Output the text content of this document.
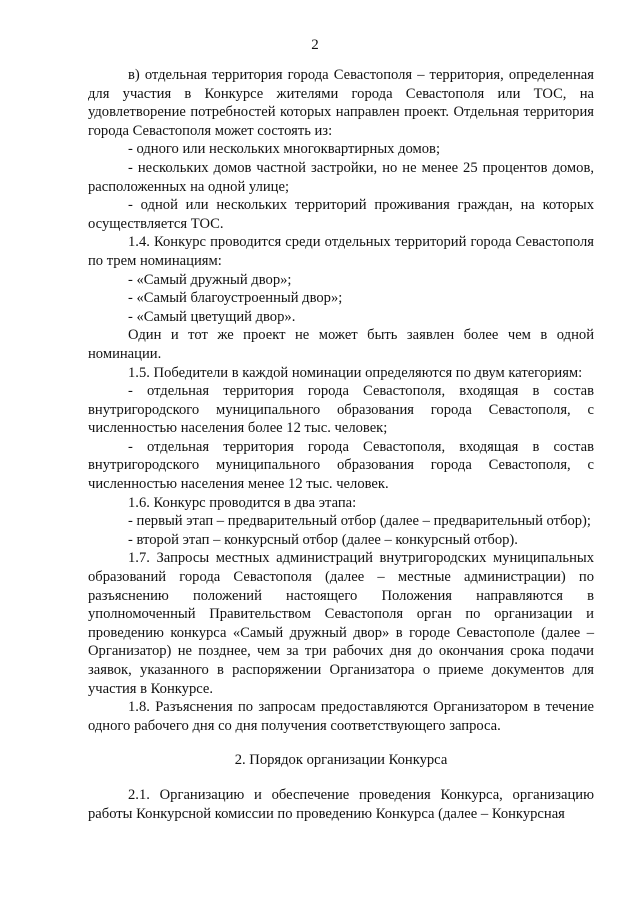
2

в) отдельная территория города Севастополя – территория, определенная для участия в Конкурсе жителями города Севастополя или ТОС, на удовлетворение потребностей которых направлен проект. Отдельная территория города Севастополя может состоять из:

- одного или нескольких многоквартирных домов;

- нескольких домов частной застройки, но не менее 25 процентов домов, расположенных на одной улице;

- одной или нескольких территорий проживания граждан, на которых осуществляется ТОС.

1.4. Конкурс проводится среди отдельных территорий города Севастополя по трем номинациям:

- «Самый дружный двор»;

- «Самый благоустроенный двор»;

- «Самый цветущий двор».

Один и тот же проект не может быть заявлен более чем в одной номинации.

1.5. Победители в каждой номинации определяются по двум категориям:

- отдельная территория города Севастополя, входящая в состав внутригородского муниципального образования города Севастополя, с численностью населения более 12 тыс. человек;

- отдельная территория города Севастополя, входящая в состав внутригородского муниципального образования города Севастополя, с численностью населения менее 12 тыс. человек.

1.6. Конкурс проводится в два этапа:

- первый этап – предварительный отбор (далее – предварительный отбор);

- второй этап – конкурсный отбор (далее – конкурсный отбор).

1.7. Запросы местных администраций внутригородских муниципальных образований города Севастополя (далее – местные администрации) по разъяснению положений настоящего Положения направляются в уполномоченный Правительством Севастополя орган по организации и проведению конкурса «Самый дружный двор» в городе Севастополе (далее – Организатор) не позднее, чем за три рабочих дня до окончания срока подачи заявок, указанного в распоряжении Организатора о приеме документов для участия в Конкурсе.

1.8. Разъяснения по запросам предоставляются Организатором в течение одного рабочего дня со дня получения соответствующего запроса.

2. Порядок организации Конкурса

2.1. Организацию и обеспечение проведения Конкурса, организацию работы Конкурсной комиссии по проведению Конкурса (далее – Конкурсная
